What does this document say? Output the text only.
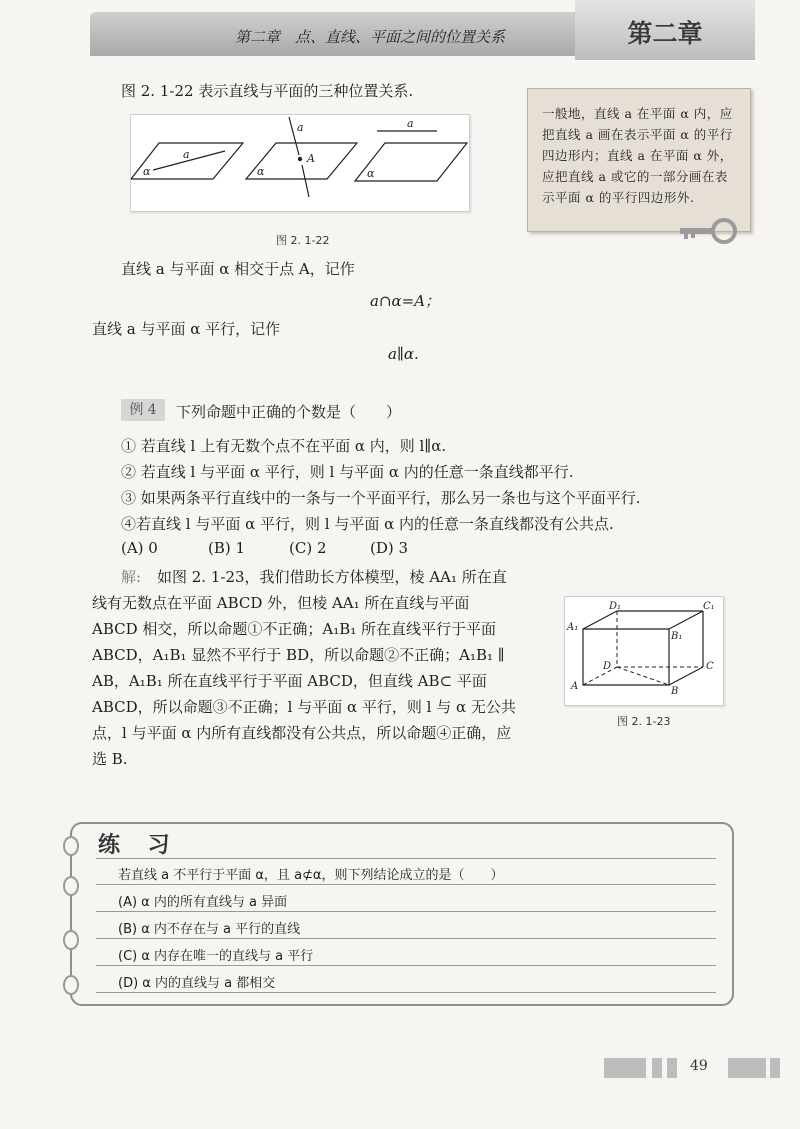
第二章　点、直线、平面之间的位置关系	第二章
图 2. 1-22 表示直线与平面的三种位置关系.
a
α
a
A
α
a
α
图 2. 1-22
一般地，直线 a 在平面 α 内，应把直线 a 画在表示平面 α 的平行四边形内；直线 a 在平面 α 外，应把直线 a 或它的一部分画在表示平面 α 的平行四边形外.
直线 a 与平面 α 相交于点 A，记作
a∩α=A；
直线 a 与平面 α 平行，记作
a∥α.
例 4	下列命题中正确的个数是（　　）
① 若直线 l 上有无数个点不在平面 α 内，则 l∥α.
② 若直线 l 与平面 α 平行，则 l 与平面 α 内的任意一条直线都平行.
③ 如果两条平行直线中的一条与一个平面平行，那么另一条也与这个平面平行.
④若直线 l 与平面 α 平行，则 l 与平面 α 内的任意一条直线都没有公共点.
(A) 0	(B) 1	(C) 2	(D) 3
解: 如图 2. 1-23，我们借助长方体模型，棱 AA₁ 所在直
线有无数点在平面 ABCD 外，但棱 AA₁ 所在直线与平面
ABCD 相交，所以命题①不正确；A₁B₁ 所在直线平行于平面
ABCD，A₁B₁ 显然不平行于 BD，所以命题②不正确；A₁B₁ ∥
AB，A₁B₁ 所在直线平行于平面 ABCD，但直线 AB⊂ 平面
ABCD，所以命题③不正确；l 与平面 α 平行，则 l 与 α 无公共
点，l 与平面 α 内所有直线都没有公共点，所以命题④正确，应
选 B.
D₁	C₁
A₁
B₁
D	C
A	B
图 2. 1-23
练 习
若直线 a 不平行于平面 α，且 a⊄α，则下列结论成立的是（　　）
(A) α 内的所有直线与 a 异面
(B) α 内不存在与 a 平行的直线
(C) α 内存在唯一的直线与 a 平行
(D) α 内的直线与 a 都相交
49
